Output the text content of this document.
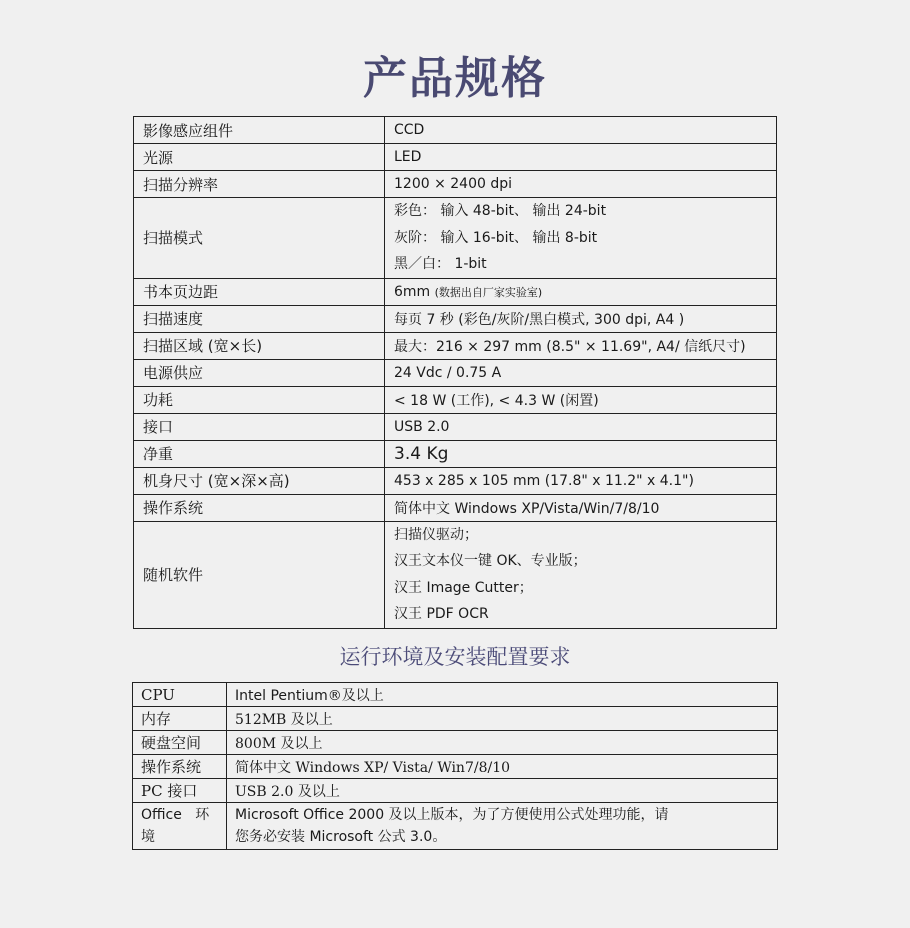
产品规格
影像感应组件	CCD
光源	LED
扫描分辨率	1200 × 2400 dpi
扫描模式	彩色： 输入 48-bit、 输出 24-bit
灰阶： 输入 16-bit、 输出 8-bit
黑／白： 1-bit

书本页边距	6mm (数据出自厂家实验室)
扫描速度	每页 7 秒 (彩色/灰阶/黑白模式, 300 dpi, A4 )
扫描区域 (宽×长)	最大：216 × 297 mm (8.5" × 11.69", A4/ 信纸尺寸)
电源供应	24 Vdc / 0.75 A
功耗	< 18 W (工作), < 4.3 W (闲置)
接口	USB 2.0
净重	3.4 Kg
机身尺寸 (宽×深×高)	453 x 285 x 105 mm (17.8" x 11.2" x 4.1")
操作系统	简体中文 Windows XP/Vista/Win/7/8/10
随机软件	扫描仪驱动；
汉王文本仪一键 OK、专业版；
汉王 Image Cutter；
汉王 PDF OCR
运行环境及安装配置要求
CPU	Intel Pentium®及以上
内存	512MB 及以上
硬盘空间	800M 及以上
操作系统	简体中文 Windows XP/ Vista/ Win7/8/10
PC 接口	USB 2.0 及以上

Office   环
境	Microsoft Office 2000 及以上版本，为了方便使用公式处理功能，请
您务必安装 Microsoft 公式 3.0。
